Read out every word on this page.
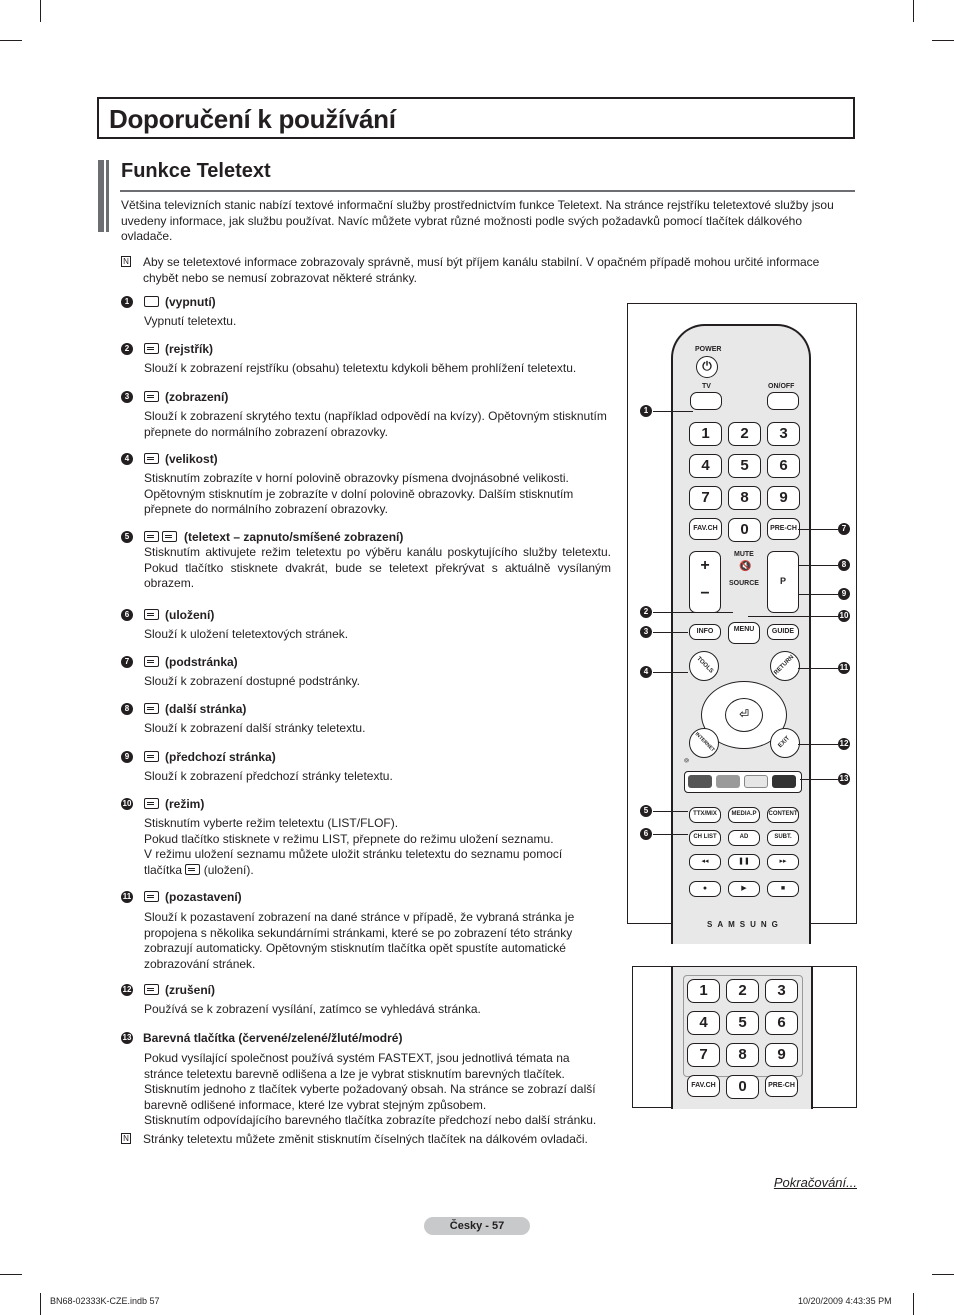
Doporučení k používání
Funkce Teletext

Většina televizních stanic nabízí textové informační služby prostřednictvím funkce Teletext. Na stránce rejstříku teletextové služby jsou uvedeny informace, jak službu používat. Navíc můžete vybrat různé možnosti podle svých požadavků pomocí tlačítek dálkového ovladače.

N Aby se teletextové informace zobrazovaly správně, musí být příjem kanálu stabilní. V opačném případě mohou určité informace

chybět nebo se nemusí zobrazovat některé stránky.

1	(vypnutí)
Vypnutí teletextu.
2	(rejstřík)
Slouží k zobrazení rejstříku (obsahu) teletextu kdykoli během prohlížení teletextu.
3	(zobrazení)
Slouží k zobrazení skrytého textu (například odpovědí na kvízy). Opětovným stisknutím přepnete do normálního zobrazení obrazovky.
4	(velikost)
Stisknutím zobrazíte v horní polovině obrazovky písmena dvojnásobné velikosti. Opětovným stisknutím je zobrazíte v dolní polovině obrazovky. Dalším stisknutím přepnete do normálního zobrazení obrazovky.
5	(teletext – zapnuto/smíšené zobrazení)
Stisknutím aktivujete režim teletextu po výběru kanálu poskytujícího služby teletextu. Pokud tlačítko stisknete dvakrát, bude se teletext překrývat s aktuálně vysílaným obrazem.
6	(uložení)
Slouží k uložení teletextových stránek.
7	(podstránka)
Slouží k zobrazení dostupné podstránky.
8	(další stránka)
Slouží k zobrazení další stránky teletextu.
9	(předchozí stránka)
Slouží k zobrazení předchozí stránky teletextu.
10	(režim)
Stisknutím vyberte režim teletextu (LIST/FLOF).
Pokud tlačítko stisknete v režimu LIST, přepnete do režimu uložení seznamu.
V režimu uložení seznamu můžete uložit stránku teletextu do seznamu pomocí
tlačítka (uložení).
11	(pozastavení)
Slouží k pozastavení zobrazení na dané stránce v případě, že vybraná stránka je propojena s několika sekundárními stránkami, které se po zobrazení této stránky zobrazují automaticky. Opětovným stisknutím tlačítka opět spustíte automatické zobrazování stránek.
12	(zrušení)
Používá se k zobrazení vysílání, zatímco se vyhledává stránka.
13 Barevná tlačítka (červené/zelené/žluté/modré)
Pokud vysílající společnost používá systém FASTEXT, jsou jednotlivá témata na stránce teletextu barevně odlišena a lze je vybrat stisknutím barevných tlačítek. Stisknutím jednoho z tlačítek vyberte požadovaný obsah. Na stránce se zobrazí další barevně odlišené informace, které lze vybrat stejným způsobem.
Stisknutím odpovídajícího barevného tlačítka zobrazíte předchozí nebo další stránku.
N Stránky teletextu můžete změnit stisknutím číselných tlačítek na dálkovém ovladači.

POWER
⏻
TV	ON/OFF
1	2	3
4	5	6
7	8	9
FAV.CH	0	PRE-CH
+
−
MUTE
🔇
SOURCE	P
INFO	MENU	GUIDE
TOOLS	RETURN
⏎
INTERNET @
EXIT
TTX/MIX	MEDIA.P	CONTENT
CH LIST	AD	SUBT.
◂◂	❚❚	▸▸
●	▶	■
SAMSUNG
1
2
3
4
5
6
7
8
9
10
11
12
13
1	2	3
4	5	6
7	8	9
FAV.CH	0	PRE-CH
Pokračování...
Česky - 57
BN68-02333K-CZE.indb 57	10/20/2009 4:43:35 PM
